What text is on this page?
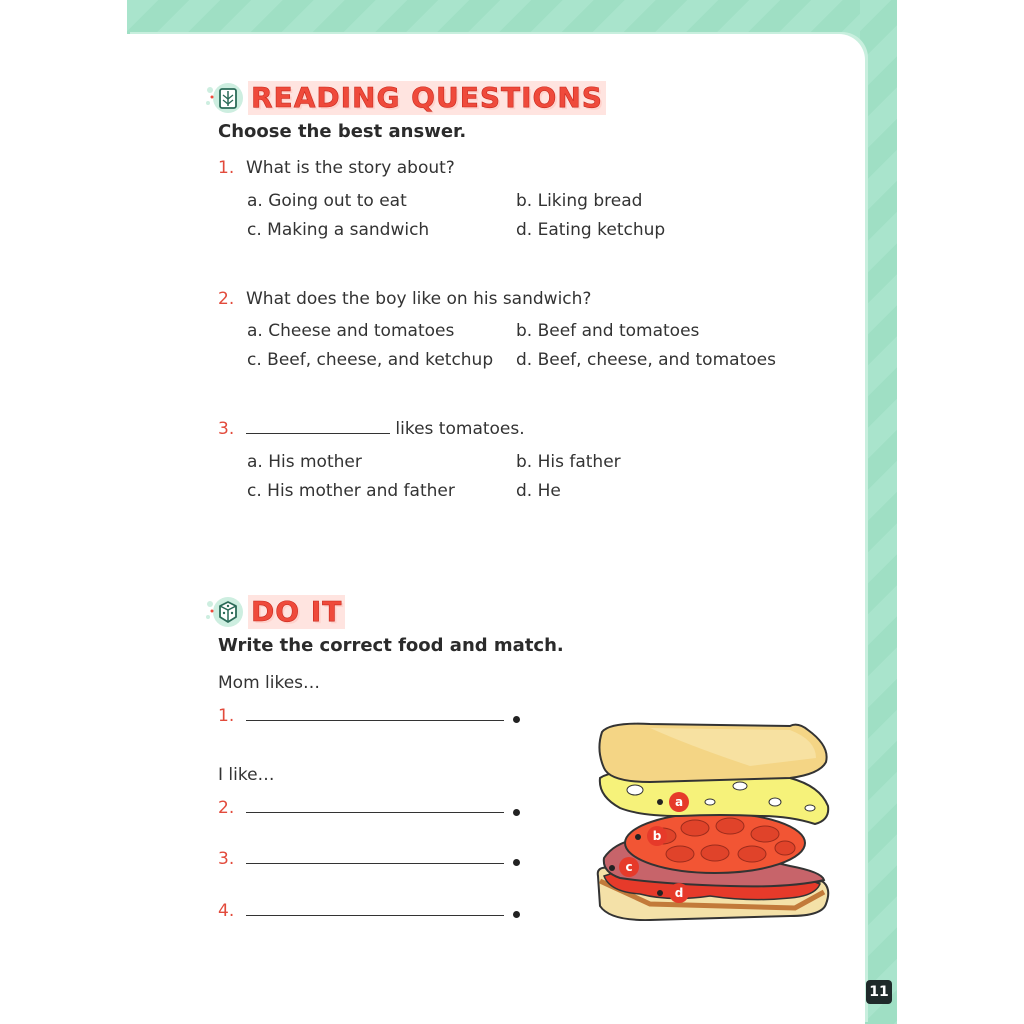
READING QUESTIONS
Choose the best answer.
1. What is the story about?
a. Going out to eat	b. Liking bread
c. Making a sandwich	d. Eating ketchup
2. What does the boy like on his sandwich?
a. Cheese and tomatoes	b. Beef and tomatoes
c. Beef, cheese, and ketchup d. Beef, cheese, and tomatoes
3.	likes tomatoes.
a. His mother	b. His father
c. His mother and father	d. He
DO IT
Write the correct food and match.
Mom likes…
1.
I like…
2.
3.
4.
a
b
c
d
11
